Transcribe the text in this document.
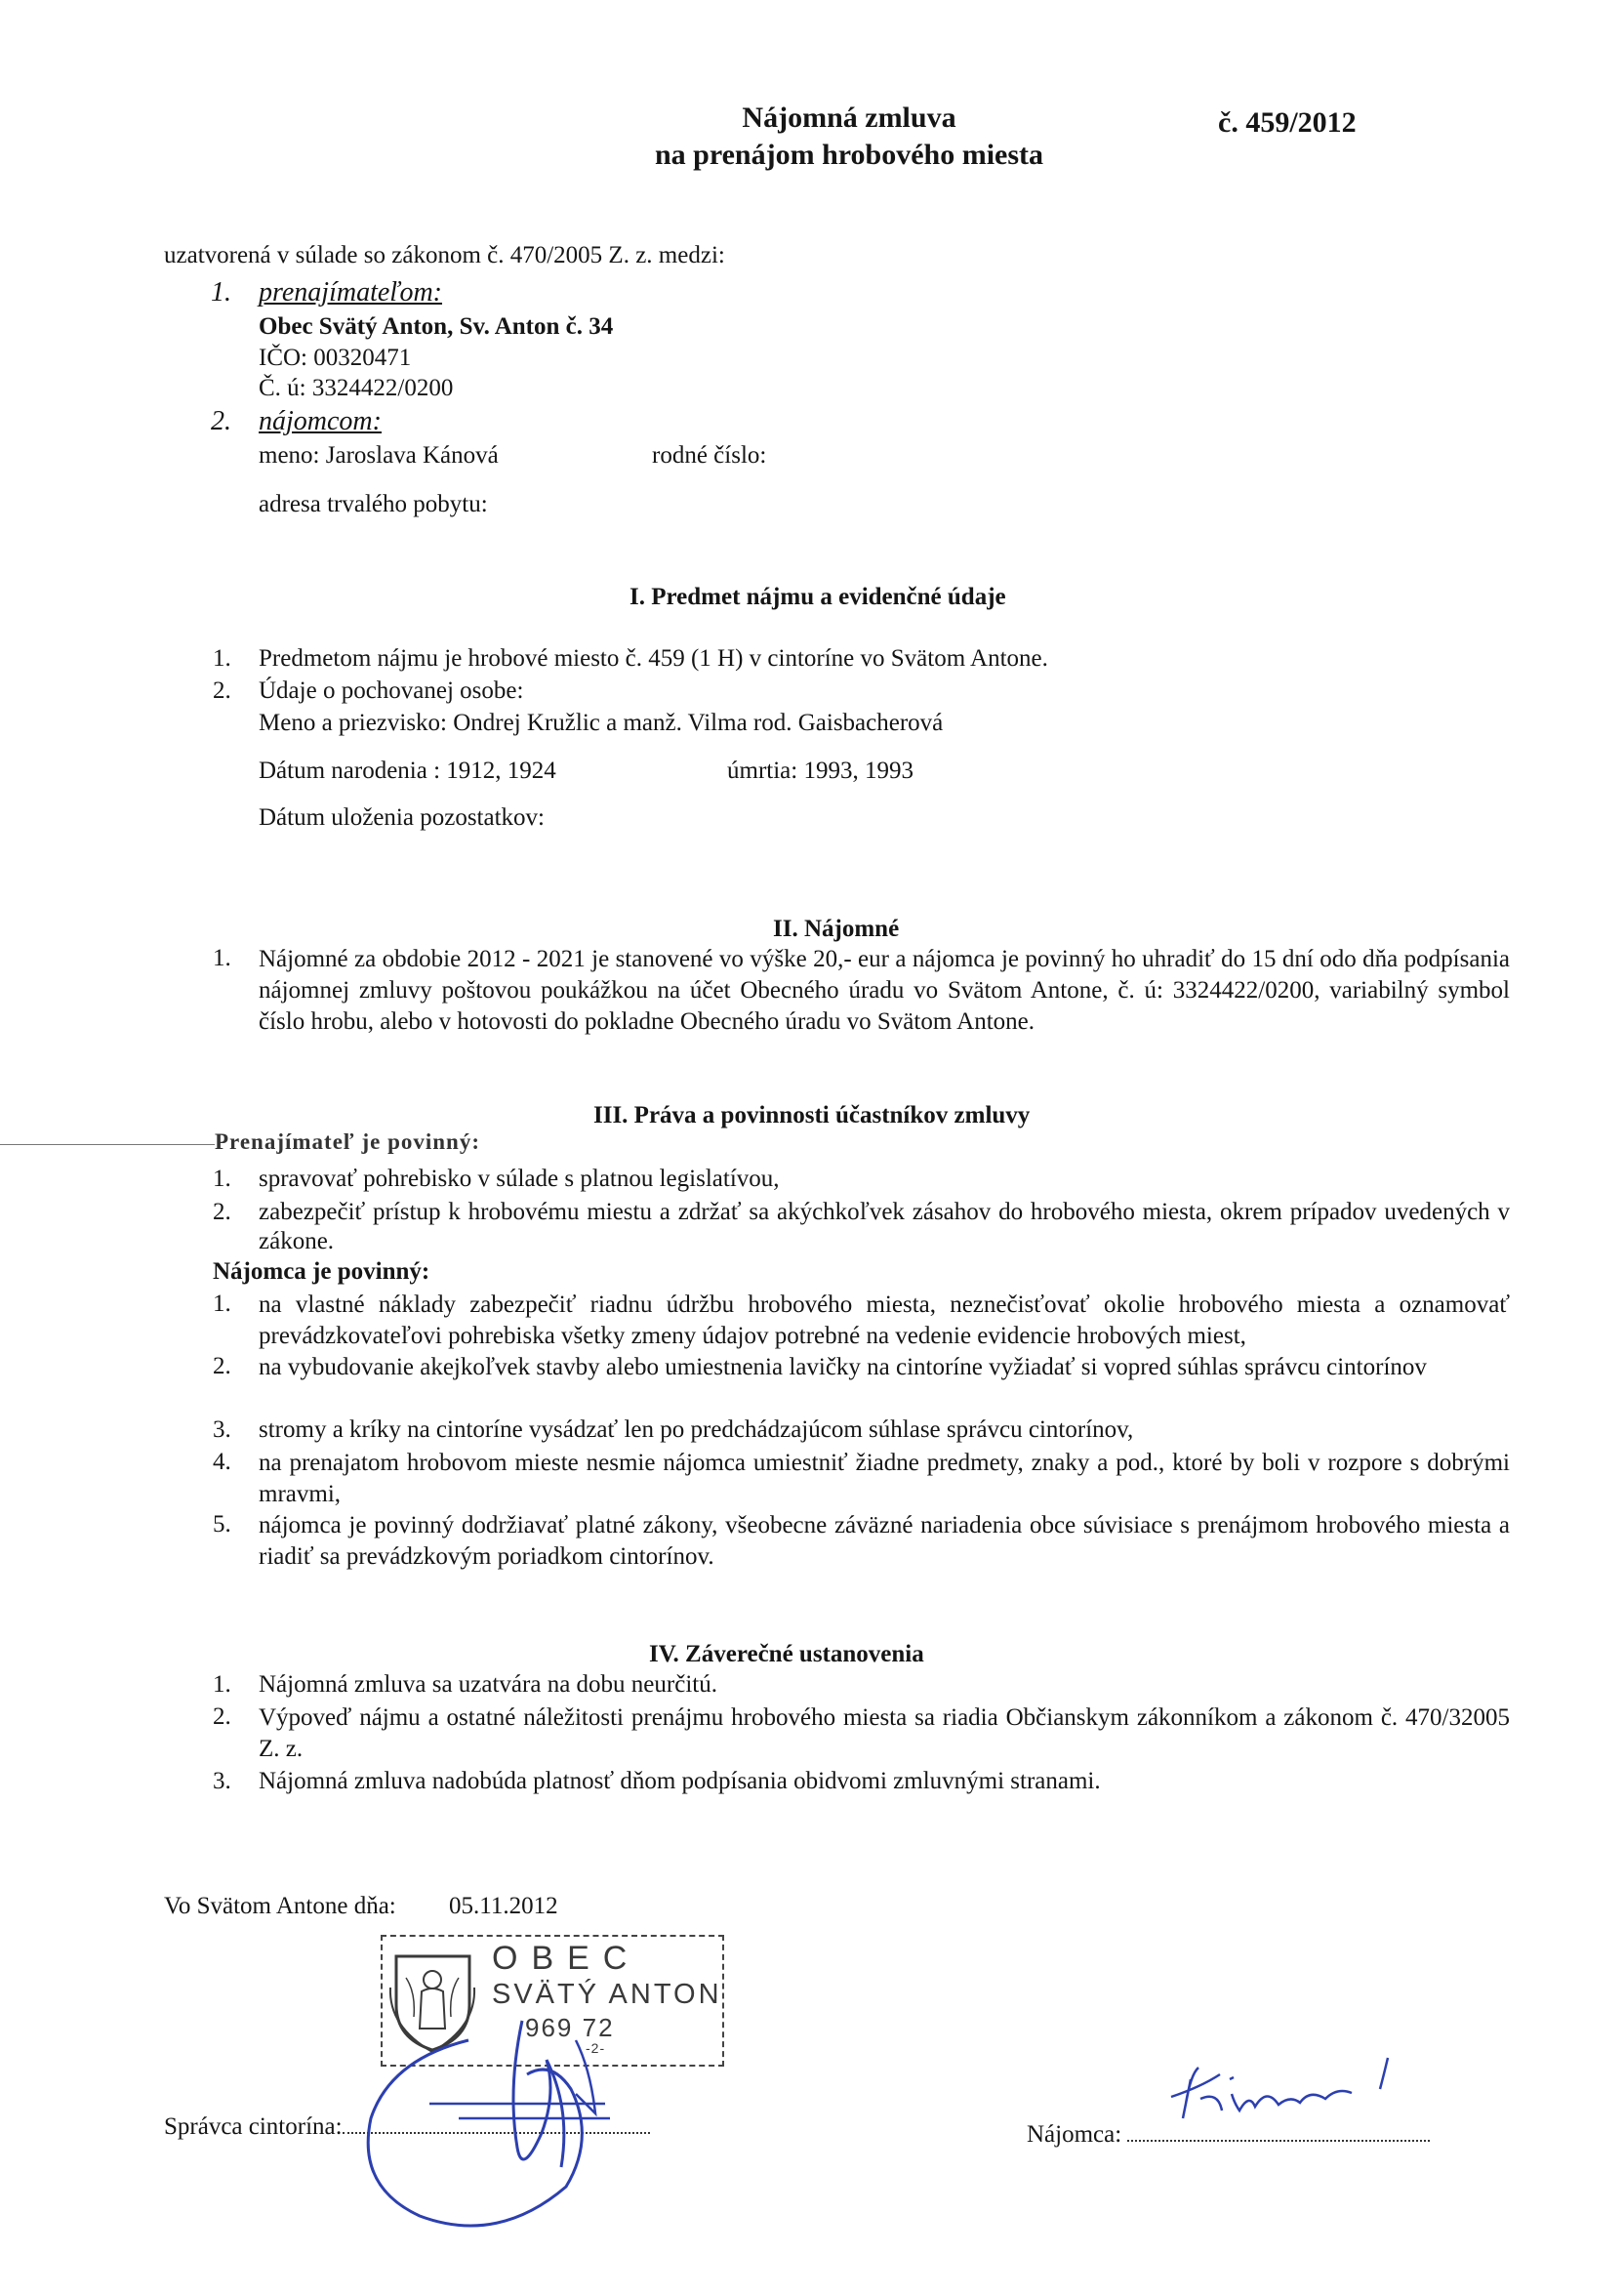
Nájomná zmluva
na prenájom hrobového miesta
č. 459/2012
uzatvorená v súlade so zákonom č. 470/2005 Z. z. medzi:
1. prenajímateľom:
Obec Svätý Anton, Sv. Anton č. 34
IČO: 00320471
Č. ú: 3324422/0200
2. nájomcom:
meno: Jaroslava Kánová	rodné číslo:
adresa trvalého pobytu:
I. Predmet nájmu a evidenčné údaje
1. Predmetom nájmu je hrobové miesto č. 459 (1 H) v cintoríne vo Svätom Antone.
2. Údaje o pochovanej osobe:
Meno a priezvisko: Ondrej Kružlic a manž. Vilma rod. Gaisbacherová
Dátum narodenia : 1912, 1924	úmrtia: 1993, 1993
Dátum uloženia pozostatkov:
II. Nájomné
1. Nájomné za obdobie 2012 - 2021 je stanovené vo výške 20,- eur a nájomca je povinný ho uhradiť do 15 dní odo dňa podpísania nájomnej zmluvy poštovou poukážkou na účet Obecného úradu vo Svätom Antone, č. ú: 3324422/0200, variabilný symbol číslo hrobu, alebo v hotovosti do pokladne Obecného úradu vo Svätom Antone.
III. Práva a povinnosti účastníkov zmluvy
Prenajímateľ je povinný:
1. spravovať pohrebisko v súlade s platnou legislatívou,
2. zabezpečiť prístup k hrobovému miestu a zdržať sa akýchkoľvek zásahov do hrobového miesta, okrem prípadov uvedených v zákone.
Nájomca je povinný:
1. na vlastné náklady zabezpečiť riadnu údržbu hrobového miesta, neznečisťovať okolie hrobového miesta a oznamovať prevádzkovateľovi pohrebiska všetky zmeny údajov potrebné na vedenie evidencie hrobových miest,
2. na vybudovanie akejkoľvek stavby alebo umiestnenia lavičky na cintoríne vyžiadať si vopred súhlas správcu cintorínov
3. stromy a kríky na cintoríne vysádzať len po predchádzajúcom súhlase správcu cintorínov,
4. na prenajatom hrobovom mieste nesmie nájomca umiestniť žiadne predmety, znaky a pod., ktoré by boli v rozpore s dobrými mravmi,
5. nájomca je povinný dodržiavať platné zákony, všeobecne záväzné nariadenia obce súvisiace s prenájmom hrobového miesta a riadiť sa prevádzkovým poriadkom cintorínov.
IV. Záverečné ustanovenia
1. Nájomná zmluva sa uzatvára na dobu neurčitú.
2. Výpoveď nájmu a ostatné náležitosti prenájmu hrobového miesta sa riadia Občianskym zákonníkom a zákonom č. 470/32005 Z. z.
3. Nájomná zmluva nadobúda platnosť dňom podpísania obidvomi zmluvnými stranami.
Vo Svätom Antone dňa: 05.11.2012
OBEC
SVÄTÝ ANTON
969 72
-2-
Správca cintorína:	Nájomca:
